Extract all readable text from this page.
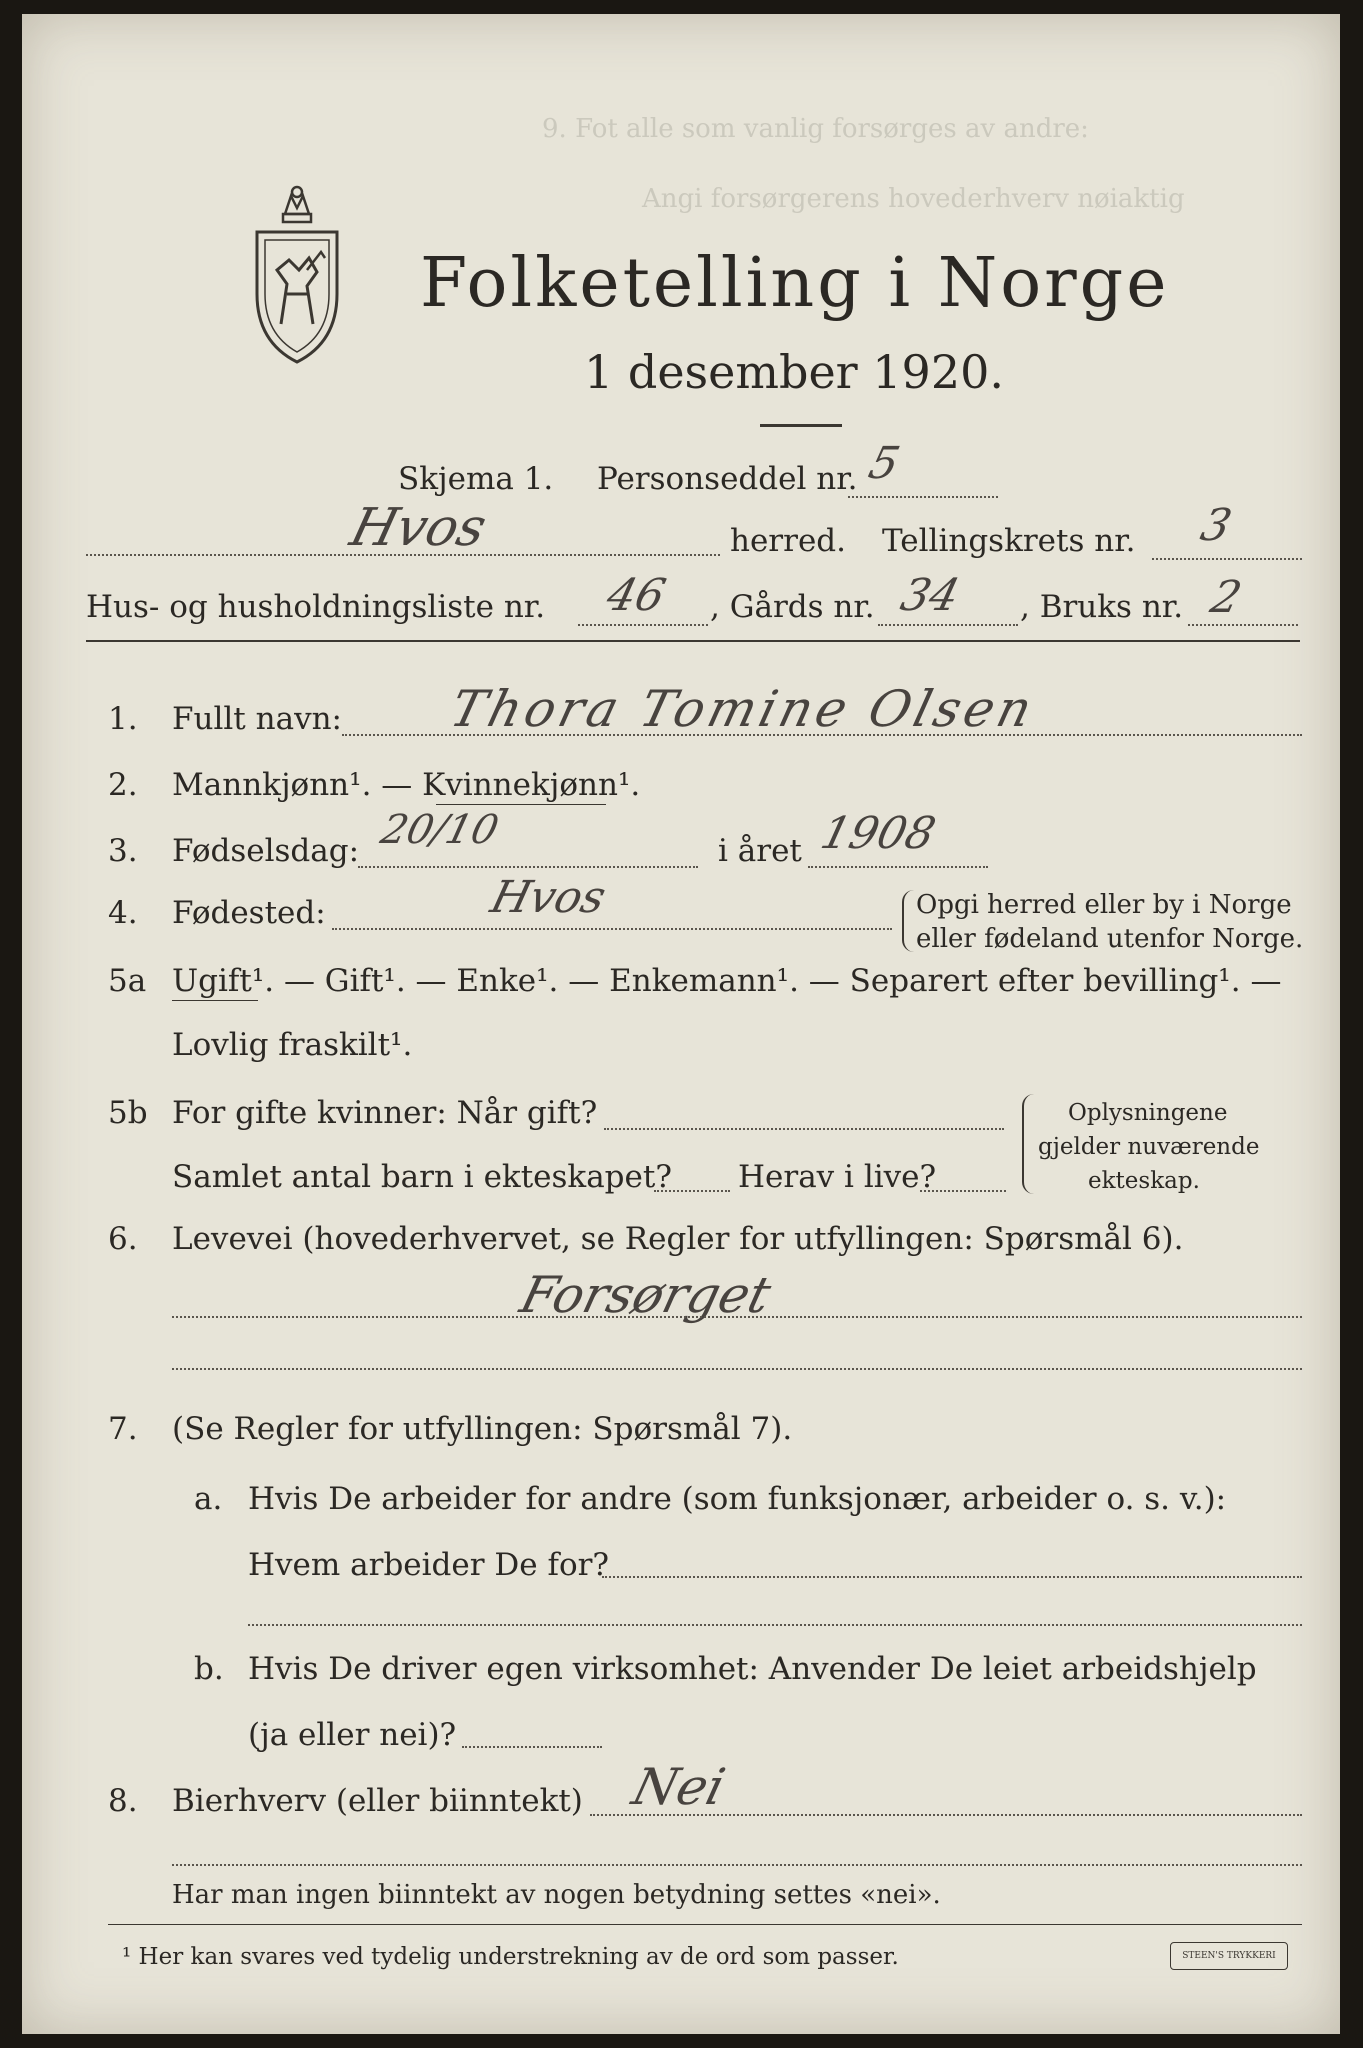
9. Fot alle som vanlig forsørges av andre:
Angi forsørgerens hovederhverv nøiaktig
Folketelling i Norge
1 desember 1920.
Skjema 1. Personseddel nr. 5
Hvos	herred. Tellingskrets nr. 3
Hus- og husholdningsliste nr. 46 , Gårds nr. 34 , Bruks nr. 2
1. Fullt navn: Thora Tomine Olsen
2. Mannkjønn¹. — Kvinnekjønn¹.
3. Fødselsdag: 20/10	i året 1908
4. Fødested:	Hvos	Opgi herred eller by i Norge
eller fødeland utenfor Norge.
5a Ugift¹. — Gift¹. — Enke¹. — Enkemann¹. — Separert efter bevilling¹. —
Lovlig fraskilt¹.
5b For gifte kvinner: Når gift?
Samlet antal barn i ekteskapet? Herav i live?
Oplysningene
gjelder nuværende
ekteskap.
6. Levevei (hovederhvervet, se Regler for utfyllingen: Spørsmål 6).
Forsørget
7. (Se Regler for utfyllingen: Spørsmål 7).
a. Hvis De arbeider for andre (som funksjonær, arbeider o. s. v.):
Hvem arbeider De for?
b. Hvis De driver egen virksomhet: Anvender De leiet arbeidshjelp
(ja eller nei)?
8. Bierhverv (eller biinntekt) Nei
Har man ingen biinntekt av nogen betydning settes «nei».
¹ Her kan svares ved tydelig understrekning av de ord som passer.	STEEN'S TRYKKERI
